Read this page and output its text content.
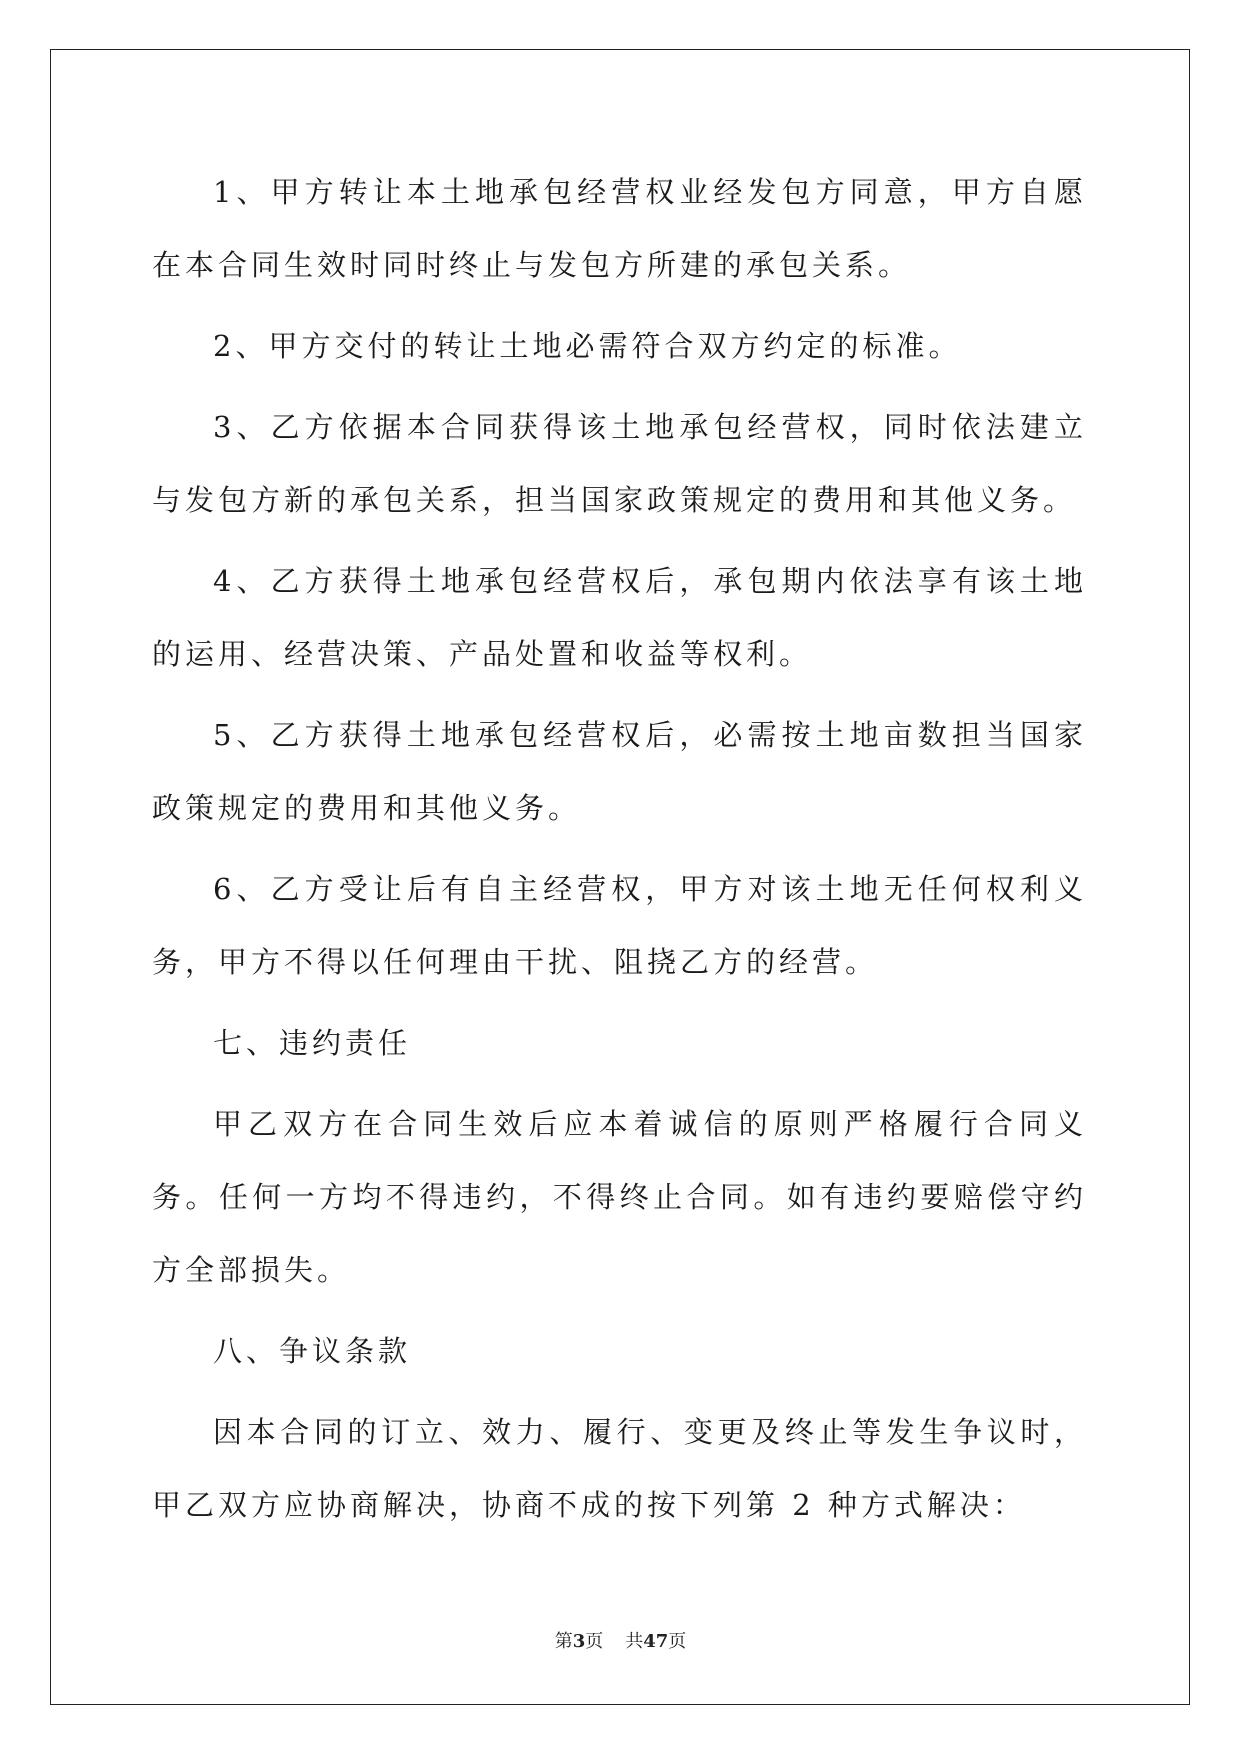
1、甲方转让本土地承包经营权业经发包方同意，甲方自愿在本合同生效时同时终止与发包方所建的承包关系。

2、甲方交付的转让土地必需符合双方约定的标准。

3、乙方依据本合同获得该土地承包经营权，同时依法建立与发包方新的承包关系，担当国家政策规定的费用和其他义务。

4、乙方获得土地承包经营权后，承包期内依法享有该土地的运用、经营决策、产品处置和收益等权利。

5、乙方获得土地承包经营权后，必需按土地亩数担当国家政策规定的费用和其他义务。

6、乙方受让后有自主经营权，甲方对该土地无任何权利义务，甲方不得以任何理由干扰、阻挠乙方的经营。

七、违约责任

甲乙双方在合同生效后应本着诚信的原则严格履行合同义务。任何一方均不得违约，不得终止合同。如有违约要赔偿守约方全部损失。

八、争议条款

因本合同的订立、效力、履行、变更及终止等发生争议时，甲乙双方应协商解决，协商不成的按下列第 2 种方式解决：

第3页 共47页
